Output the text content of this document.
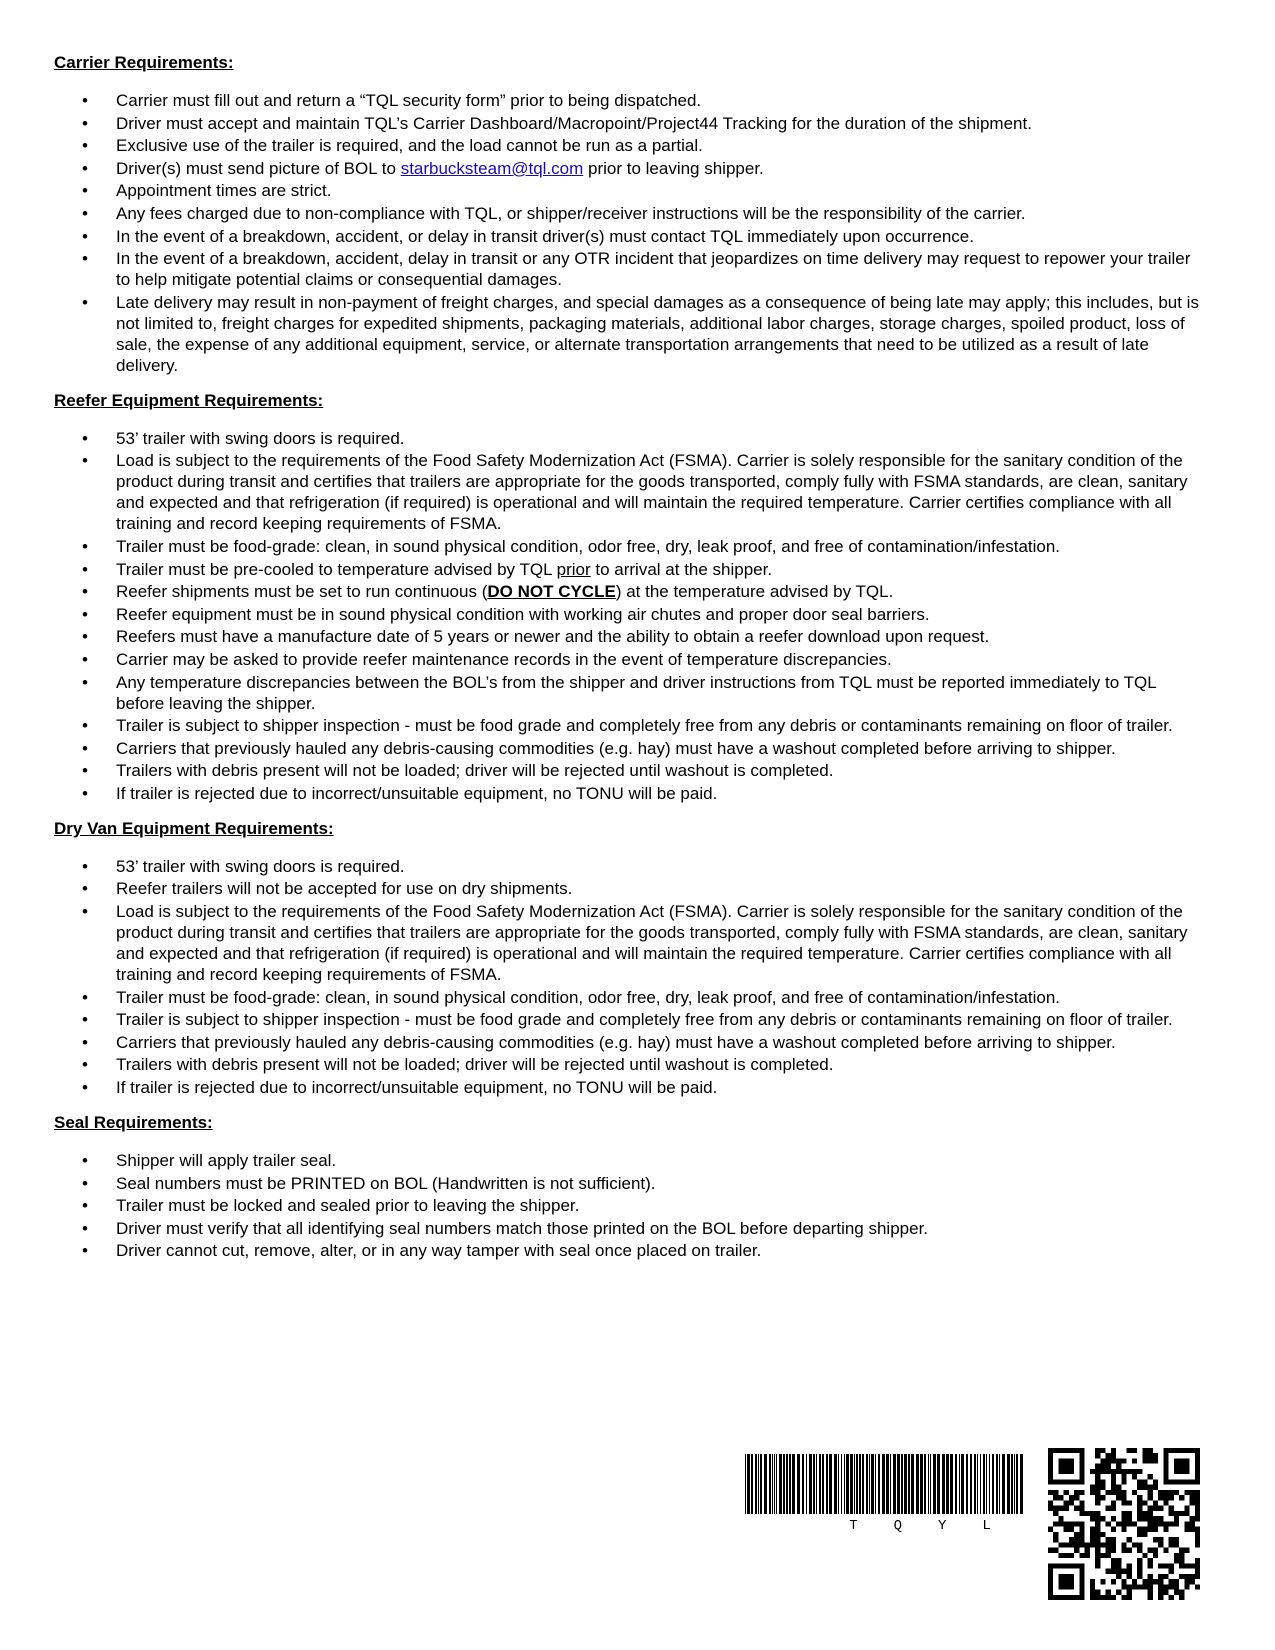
Carrier Requirements:
• Carrier must fill out and return a “TQL security form” prior to being dispatched.
• Driver must accept and maintain TQL’s Carrier Dashboard/Macropoint/Project44 Tracking for the duration of the shipment.
• Exclusive use of the trailer is required, and the load cannot be run as a partial.
• Driver(s) must send picture of BOL to starbucksteam@tql.com prior to leaving shipper.
• Appointment times are strict.
• Any fees charged due to non-compliance with TQL, or shipper/receiver instructions will be the responsibility of the carrier.
• In the event of a breakdown, accident, or delay in transit driver(s) must contact TQL immediately upon occurrence.
• In the event of a breakdown, accident, delay in transit or any OTR incident that jeopardizes on time delivery may request to repower your trailer to help mitigate potential claims or consequential damages.
• Late delivery may result in non-payment of freight charges, and special damages as a consequence of being late may apply; this includes, but is not limited to, freight charges for expedited shipments, packaging materials, additional labor charges, storage charges, spoiled product, loss of sale, the expense of any additional equipment, service, or alternate transportation arrangements that need to be utilized as a result of late delivery.
Reefer Equipment Requirements:
• 53’ trailer with swing doors is required.
• Load is subject to the requirements of the Food Safety Modernization Act (FSMA). Carrier is solely responsible for the sanitary condition of the product during transit and certifies that trailers are appropriate for the goods transported, comply fully with FSMA standards, are clean, sanitary and expected and that refrigeration (if required) is operational and will maintain the required temperature. Carrier certifies compliance with all training and record keeping requirements of FSMA.
• Trailer must be food-grade: clean, in sound physical condition, odor free, dry, leak proof, and free of contamination/infestation.
• Trailer must be pre-cooled to temperature advised by TQL prior to arrival at the shipper.
• Reefer shipments must be set to run continuous (DO NOT CYCLE) at the temperature advised by TQL.
• Reefer equipment must be in sound physical condition with working air chutes and proper door seal barriers.
• Reefers must have a manufacture date of 5 years or newer and the ability to obtain a reefer download upon request.
• Carrier may be asked to provide reefer maintenance records in the event of temperature discrepancies.
• Any temperature discrepancies between the BOL’s from the shipper and driver instructions from TQL must be reported immediately to TQL before leaving the shipper.
• Trailer is subject to shipper inspection - must be food grade and completely free from any debris or contaminants remaining on floor of trailer.
• Carriers that previously hauled any debris-causing commodities (e.g. hay) must have a washout completed before arriving to shipper.
• Trailers with debris present will not be loaded; driver will be rejected until washout is completed.
• If trailer is rejected due to incorrect/unsuitable equipment, no TONU will be paid.
Dry Van Equipment Requirements:
• 53’ trailer with swing doors is required.
• Reefer trailers will not be accepted for use on dry shipments.
• Load is subject to the requirements of the Food Safety Modernization Act (FSMA). Carrier is solely responsible for the sanitary condition of the product during transit and certifies that trailers are appropriate for the goods transported, comply fully with FSMA standards, are clean, sanitary and expected and that refrigeration (if required) is operational and will maintain the required temperature. Carrier certifies compliance with all training and record keeping requirements of FSMA.
• Trailer must be food-grade: clean, in sound physical condition, odor free, dry, leak proof, and free of contamination/infestation.
• Trailer is subject to shipper inspection - must be food grade and completely free from any debris or contaminants remaining on floor of trailer.
• Carriers that previously hauled any debris-causing commodities (e.g. hay) must have a washout completed before arriving to shipper.
• Trailers with debris present will not be loaded; driver will be rejected until washout is completed.
• If trailer is rejected due to incorrect/unsuitable equipment, no TONU will be paid.
Seal Requirements:
• Shipper will apply trailer seal.
• Seal numbers must be PRINTED on BOL (Handwritten is not sufficient).
• Trailer must be locked and sealed prior to leaving the shipper.
• Driver must verify that all identifying seal numbers match those printed on the BOL before departing shipper.
• Driver cannot cut, remove, alter, or in any way tamper with seal once placed on trailer.
T Q Y L
